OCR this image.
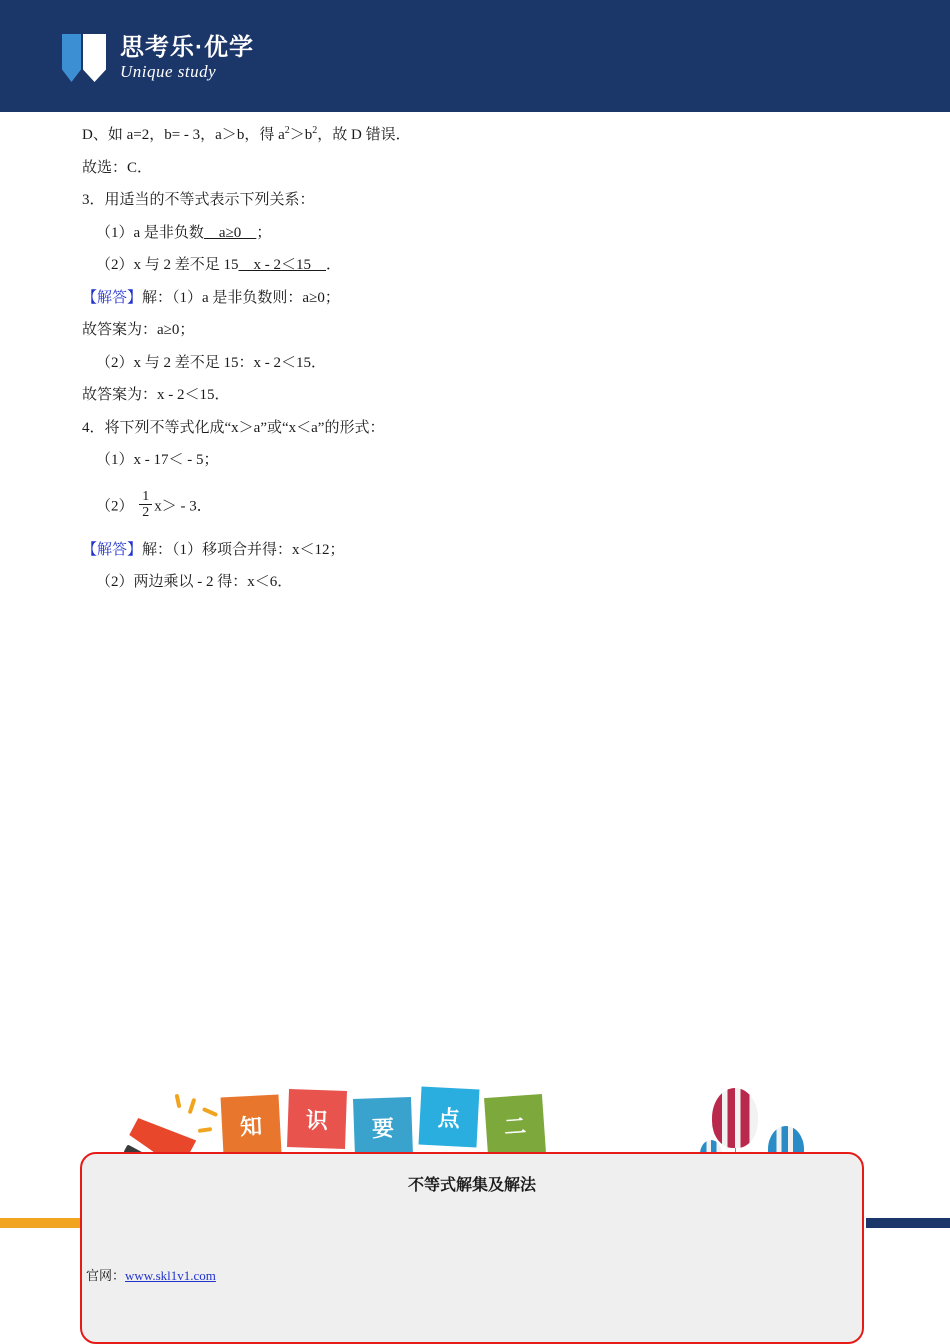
思考乐·优学
Unique study
D、如 a=2，b= - 3，a＞b，得 $a^2>b^2$，故 D 错误．
故选：C．
3．用适当的不等式表示下列关系：
（1）a 是非负数　a≥0　；
（2）x 与 2 差不足 15　x - 2＜15　．
【解答】解：（1）a 是非负数则：a≥0；
故答案为：a≥0；
（2）x 与 2 差不足 15：x - 2＜15．
故答案为：x - 2＜15．
4．将下列不等式化成“x＞a”或“x＜a”的形式：
（1）x - 17＜ - 5；
$(2) \frac{1}{2} x> - 3$．
【解答】解：（1）移项合并得：x＜12；
（2）两边乘以 - 2 得：x＜6．
知	识	要	点	二
不等式解集及解法
官网：www.skl1v1.com
